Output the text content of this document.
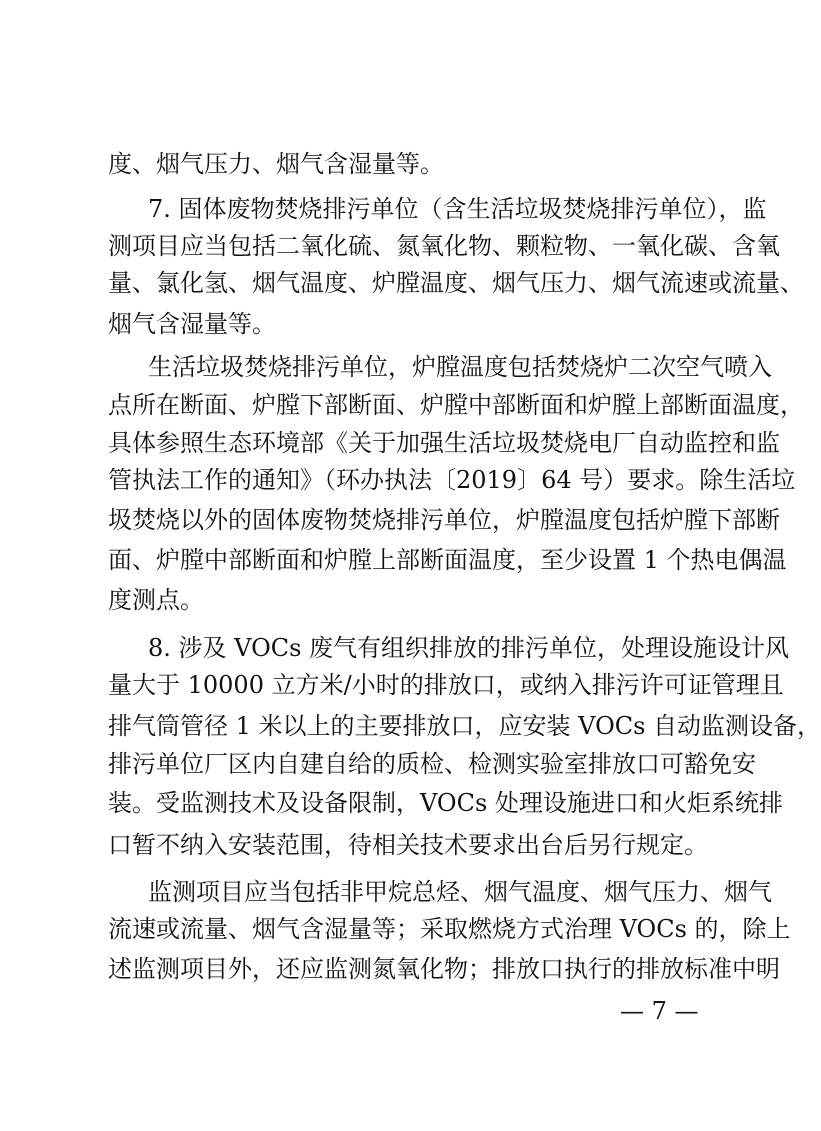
度、烟气压力、烟气含湿量等。
7. 固体废物焚烧排污单位（含生活垃圾焚烧排污单位），监
测项目应当包括二氧化硫、氮氧化物、颗粒物、一氧化碳、含氧
量、氯化氢、烟气温度、炉膛温度、烟气压力、烟气流速或流量、
烟气含湿量等。
生活垃圾焚烧排污单位，炉膛温度包括焚烧炉二次空气喷入
点所在断面、炉膛下部断面、炉膛中部断面和炉膛上部断面温度，
具体参照生态环境部《关于加强生活垃圾焚烧电厂自动监控和监
管执法工作的通知》（环办执法〔2019〕64 号）要求。除生活垃
圾焚烧以外的固体废物焚烧排污单位，炉膛温度包括炉膛下部断
面、炉膛中部断面和炉膛上部断面温度，至少设置 1 个热电偶温
度测点。
8. 涉及 VOCs 废气有组织排放的排污单位，处理设施设计风
量大于 10000 立方米/小时的排放口，或纳入排污许可证管理且
排气筒管径 1 米以上的主要排放口，应安装 VOCs 自动监测设备，
排污单位厂区内自建自给的质检、检测实验室排放口可豁免安
装。受监测技术及设备限制，VOCs 处理设施进口和火炬系统排
口暂不纳入安装范围，待相关技术要求出台后另行规定。
监测项目应当包括非甲烷总烃、烟气温度、烟气压力、烟气
流速或流量、烟气含湿量等；采取燃烧方式治理 VOCs 的，除上
述监测项目外，还应监测氮氧化物；排放口执行的排放标准中明
— 7 —
